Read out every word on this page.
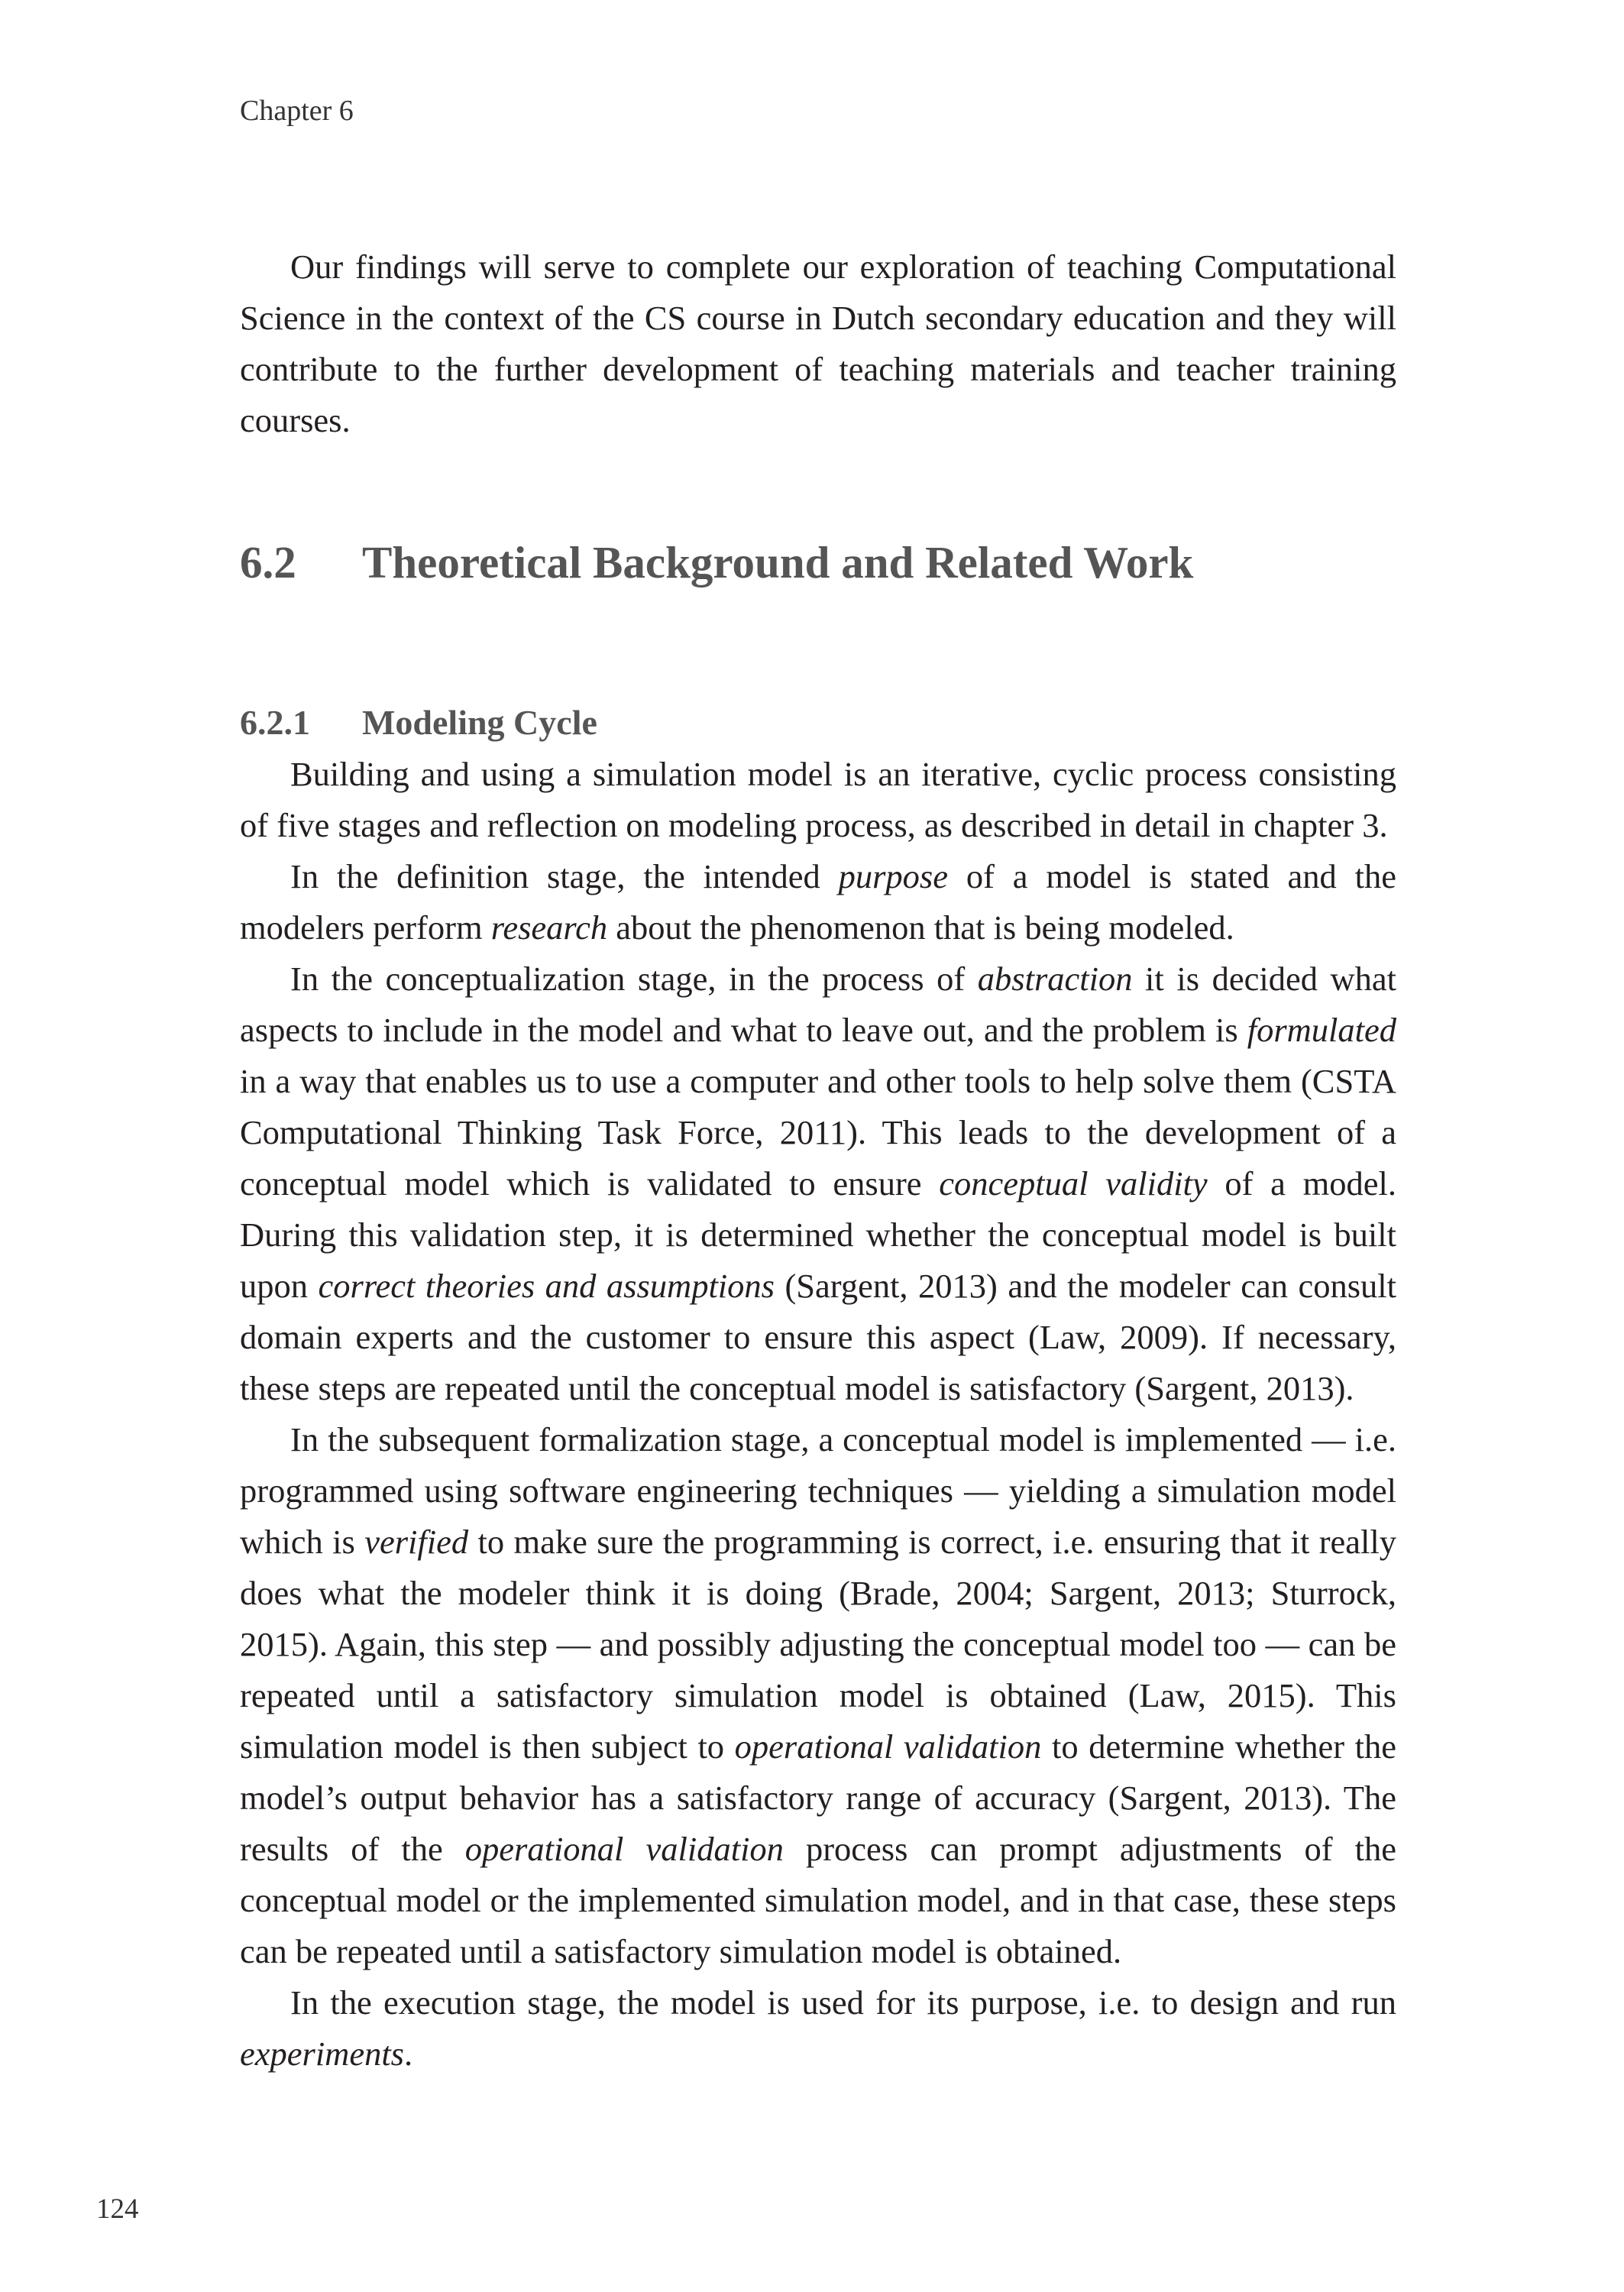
Chapter 6

Our findings will serve to complete our exploration of teaching Computational Science in the context of the CS course in Dutch secondary education and they will contribute to the further development of teaching materials and teacher training courses.

6.2 Theoretical Background and Related Work
6.2.1 Modeling Cycle

Building and using a simulation model is an iterative, cyclic process consisting of five stages and reflection on modeling process, as described in detail in chapter 3.

In the definition stage, the intended purpose of a model is stated and the modelers perform research about the phenomenon that is being modeled.

In the conceptualization stage, in the process of abstraction it is decided what aspects to include in the model and what to leave out, and the problem is formulated in a way that enables us to use a computer and other tools to help solve them (CSTA Computational Thinking Task Force, 2011). This leads to the development of a conceptual model which is validated to ensure conceptual validity of a model. During this validation step, it is determined whether the conceptual model is built upon correct theories and assumptions (Sargent, 2013) and the modeler can consult domain experts and the customer to ensure this aspect (Law, 2009). If necessary, these steps are repeated until the conceptual model is satisfactory (Sargent, 2013).

In the subsequent formalization stage, a conceptual model is implemented — i.e. programmed using software engineering techniques — yielding a simulation model which is verified to make sure the programming is correct, i.e. ensuring that it really does what the modeler think it is doing (Brade, 2004; Sargent, 2013; Sturrock, 2015). Again, this step — and possibly adjusting the conceptual model too — can be repeated until a satisfactory simulation model is obtained (Law, 2015). This simulation model is then subject to operational validation to determine whether the model’s output behavior has a satisfactory range of accuracy (Sargent, 2013). The results of the operational validation process can prompt adjustments of the conceptual model or the implemented simulation model, and in that case, these steps can be repeated until a satisfactory simulation model is obtained.

In the execution stage, the model is used for its purpose, i.e. to design and run experiments.

124
